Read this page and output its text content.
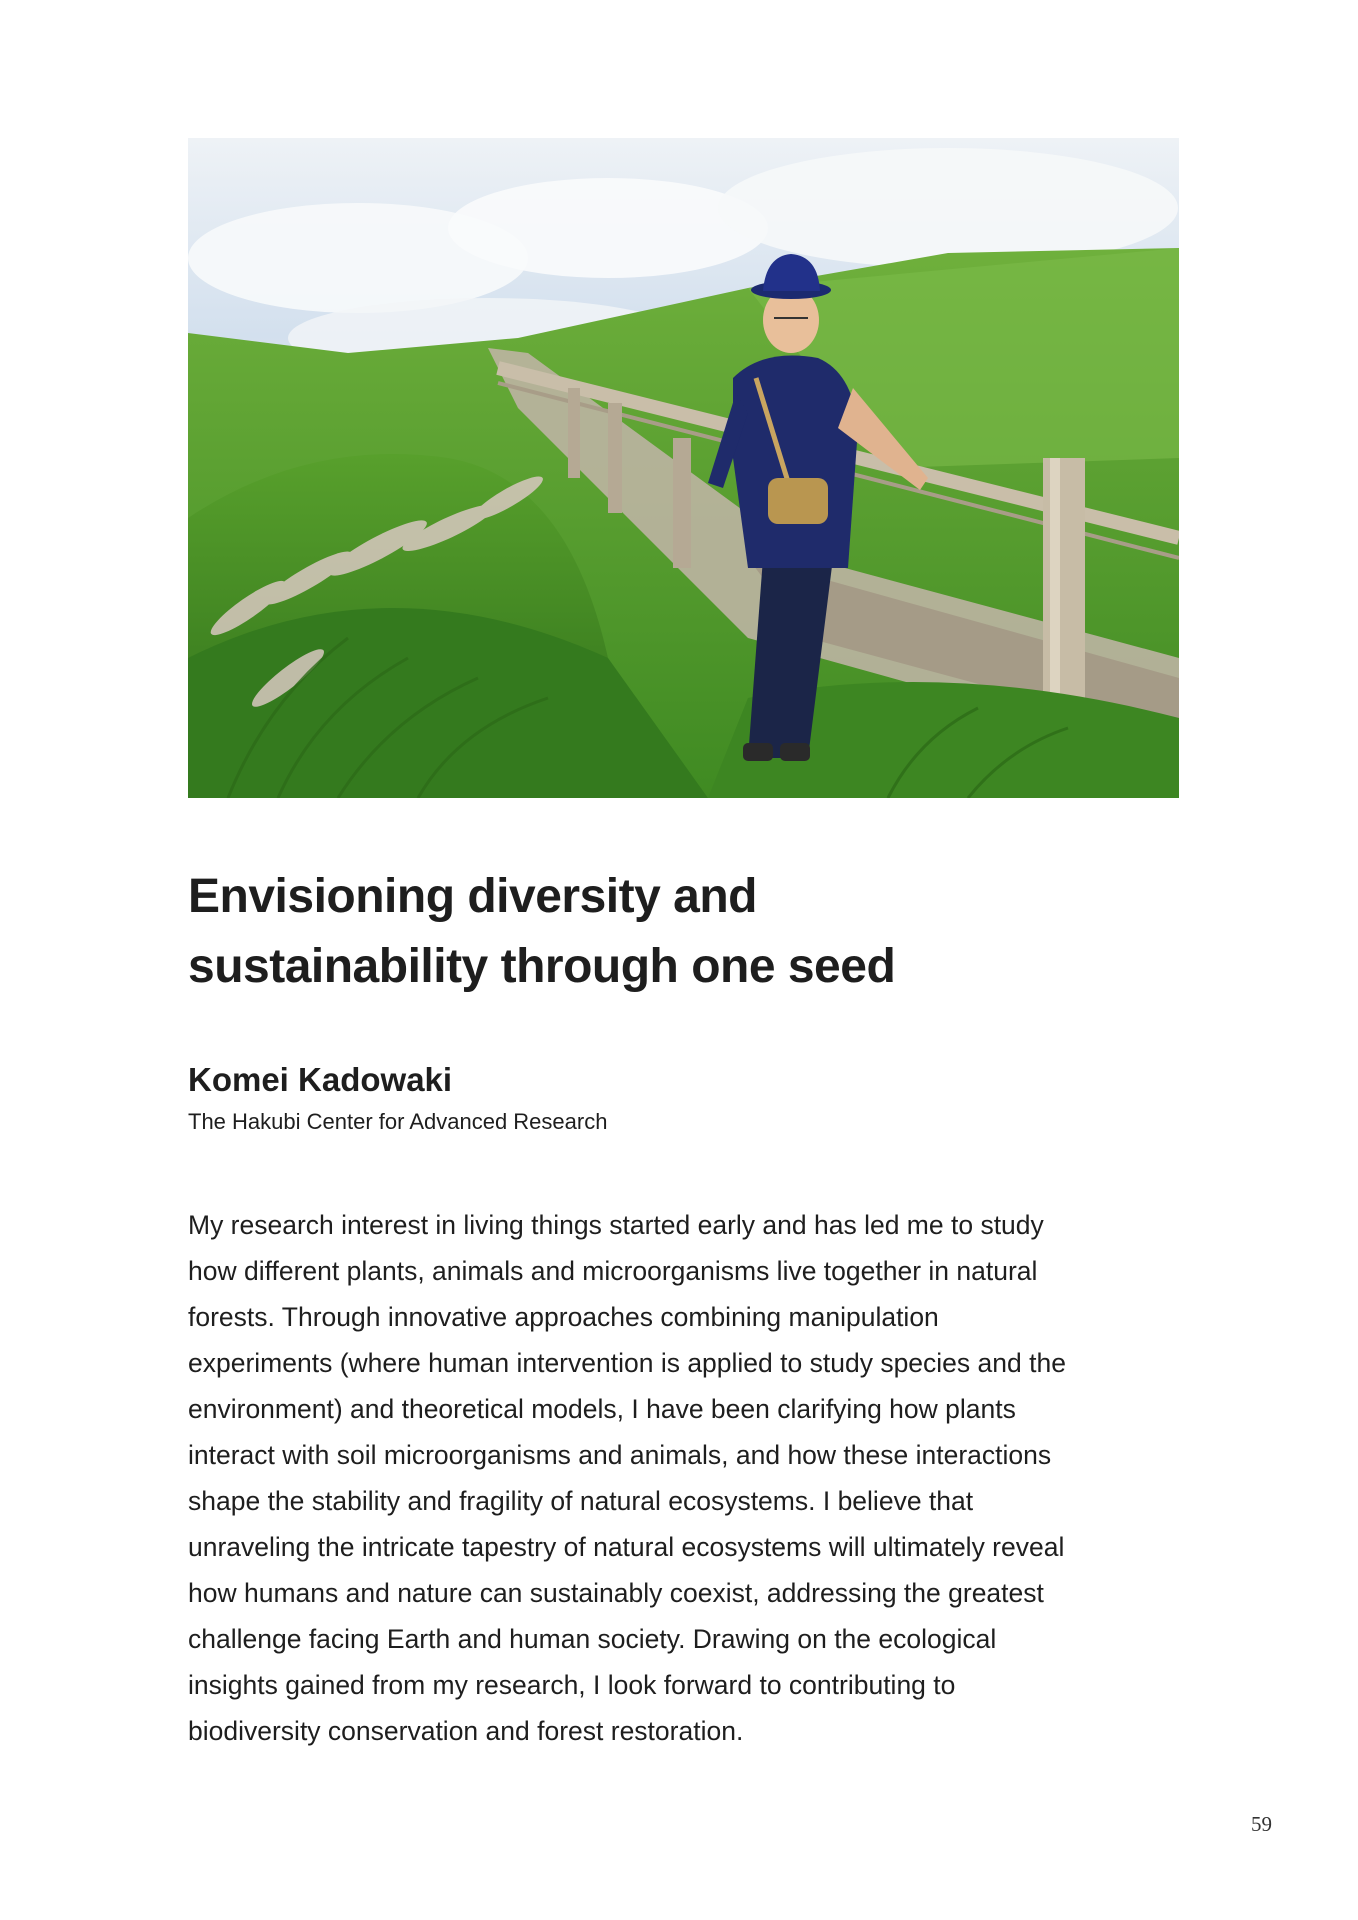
Envisioning diversity and
sustainability through one seed

Komei Kadowaki

The Hakubi Center for Advanced Research

My research interest in living things started early and has led me to study
how different plants, animals and microorganisms live together in natural
forests. Through innovative approaches combining manipulation
experiments (where human intervention is applied to study species and the
environment) and theoretical models, I have been clarifying how plants
interact with soil microorganisms and animals, and how these interactions
shape the stability and fragility of natural ecosystems. I believe that
unraveling the intricate tapestry of natural ecosystems will ultimately reveal
how humans and nature can sustainably coexist, addressing the greatest
challenge facing Earth and human society. Drawing on the ecological
insights gained from my research, I look forward to contributing to
biodiversity conservation and forest restoration.

59
